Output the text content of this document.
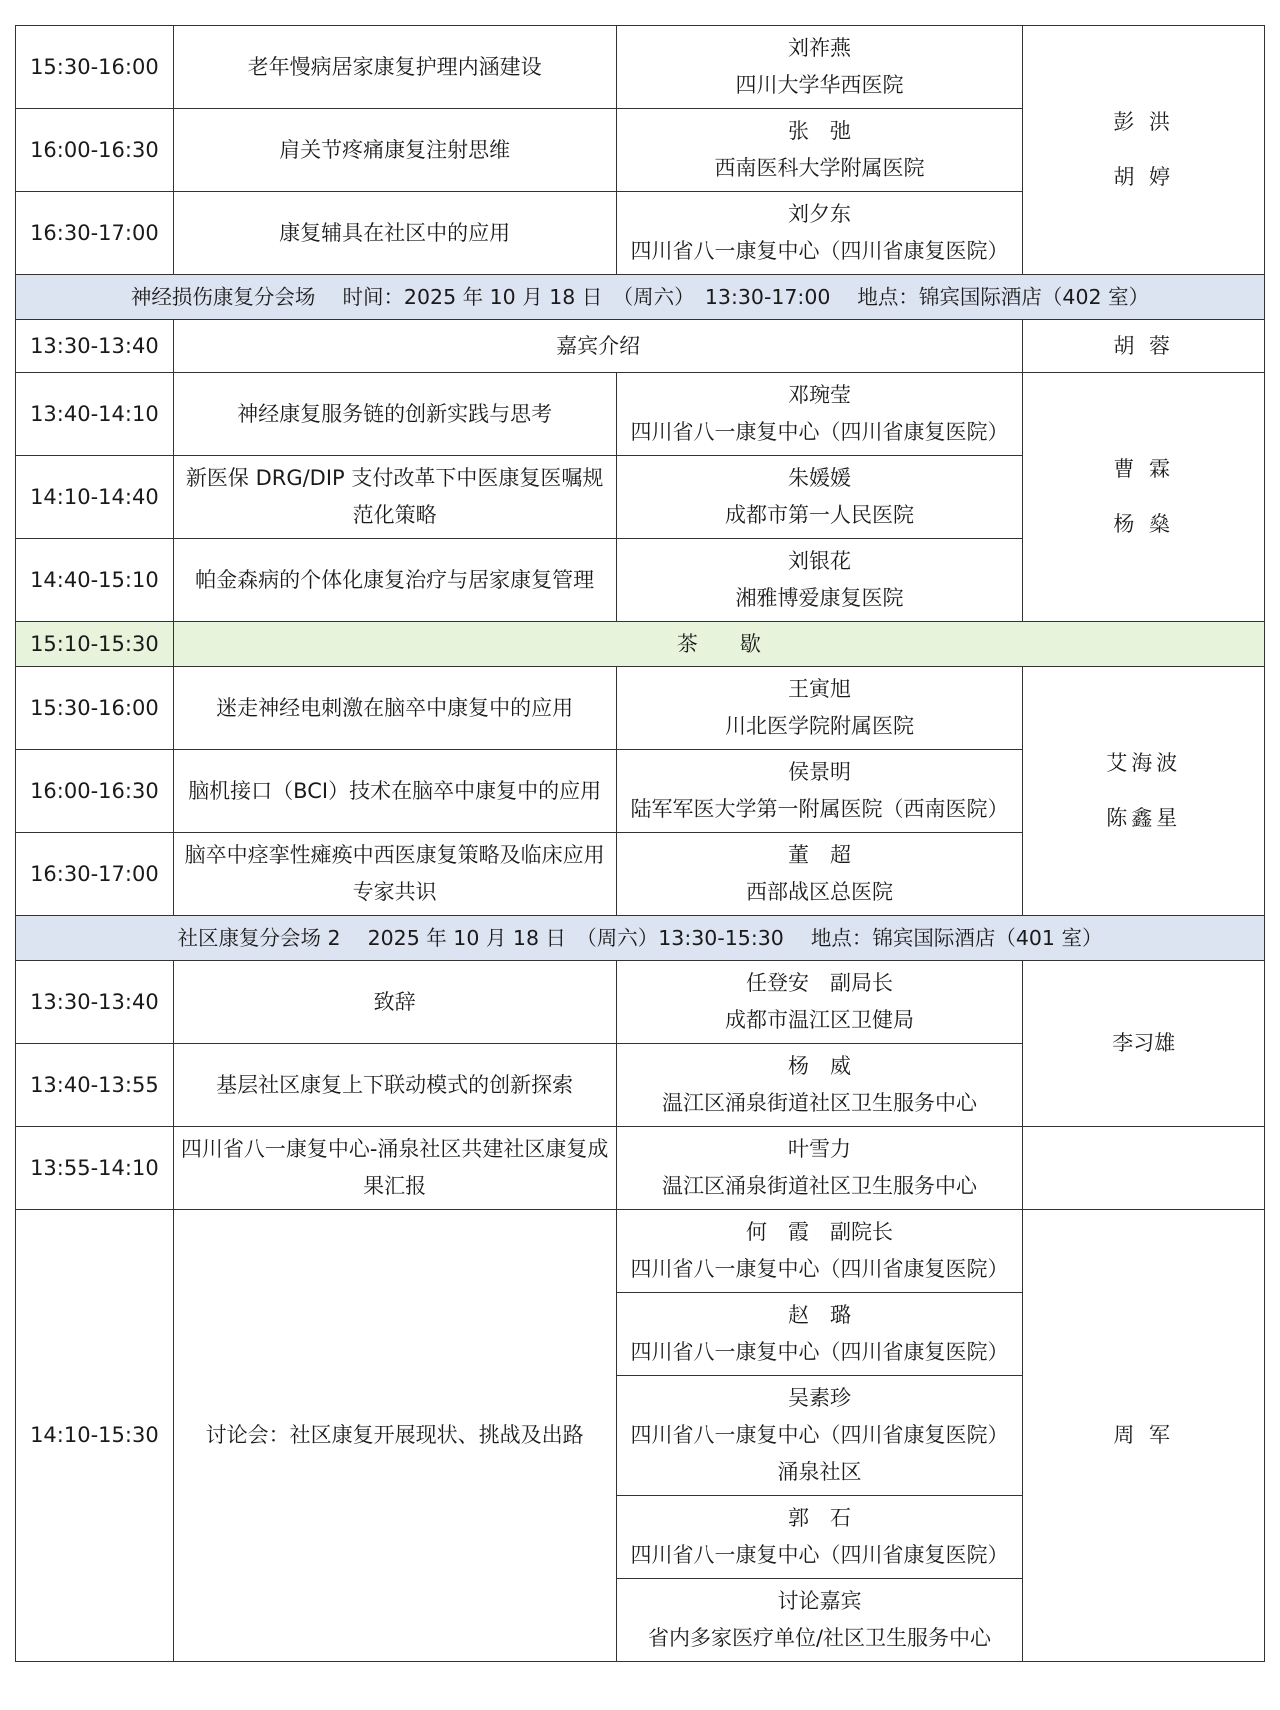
15:30-16:00	老年慢病居家康复护理内涵建设	刘祚燕
四川大学华西医院	彭 洪
胡 婷

16:00-16:30	肩关节疼痛康复注射思维	张　弛
西南医科大学附属医院	

16:30-17:00	康复辅具在社区中的应用	刘夕东
四川省八一康复中心（四川省康复医院）	

神经损伤康复分会场　 时间：2025 年 10 月 18 日　（周六）　13:30-17:00　 地点：锦宾国际酒店（402 室）			
13:30-13:40	嘉宾介绍		胡 蓉

13:40-14:10	神经康复服务链的创新实践与思考	邓琬莹
四川省八一康复中心（四川省康复医院）	曹 霖
杨 燊

14:10-14:40	新医保 DRG/DIP 支付改革下中医康复医嘱规范化策略	朱媛媛
成都市第一人民医院	

14:40-15:10	帕金森病的个体化康复治疗与居家康复管理	刘银花
湘雅博爱康复医院	

15:10-15:30	茶　　歇		
15:30-16:00	迷走神经电刺激在脑卒中康复中的应用	王寅旭
川北医学院附属医院	艾海波
陈鑫星

16:00-16:30	脑机接口（BCI）技术在脑卒中康复中的应用	侯景明
陆军军医大学第一附属医院（西南医院）	

16:30-17:00	脑卒中痉挛性瘫痪中西医康复策略及临床应用专家共识	董　超
西部战区总医院	

社区康复分会场 2　 2025 年 10 月 18 日　（周六）13:30-15:30　 地点：锦宾国际酒店（401 室）			
13:30-13:40	致辞	任登安　副局长
成都市温江区卫健局	李习雄

13:40-13:55	基层社区康复上下联动模式的创新探索	杨　威
温江区涌泉街道社区卫生服务中心	

13:55-14:10	四川省八一康复中心-涌泉社区共建社区康复成果汇报	叶雪力
温江区涌泉街道社区卫生服务中心	

14:10-15:30	讨论会：社区康复开展现状、挑战及出路	何　霞　副院长
四川省八一康复中心（四川省康复医院）	周 军

		赵　璐
四川省八一康复中心（四川省康复医院）	

		吴素珍
四川省八一康复中心（四川省康复医院）
涌泉社区	

		郭　石
四川省八一康复中心（四川省康复医院）	

		讨论嘉宾
省内多家医疗单位/社区卫生服务中心	
